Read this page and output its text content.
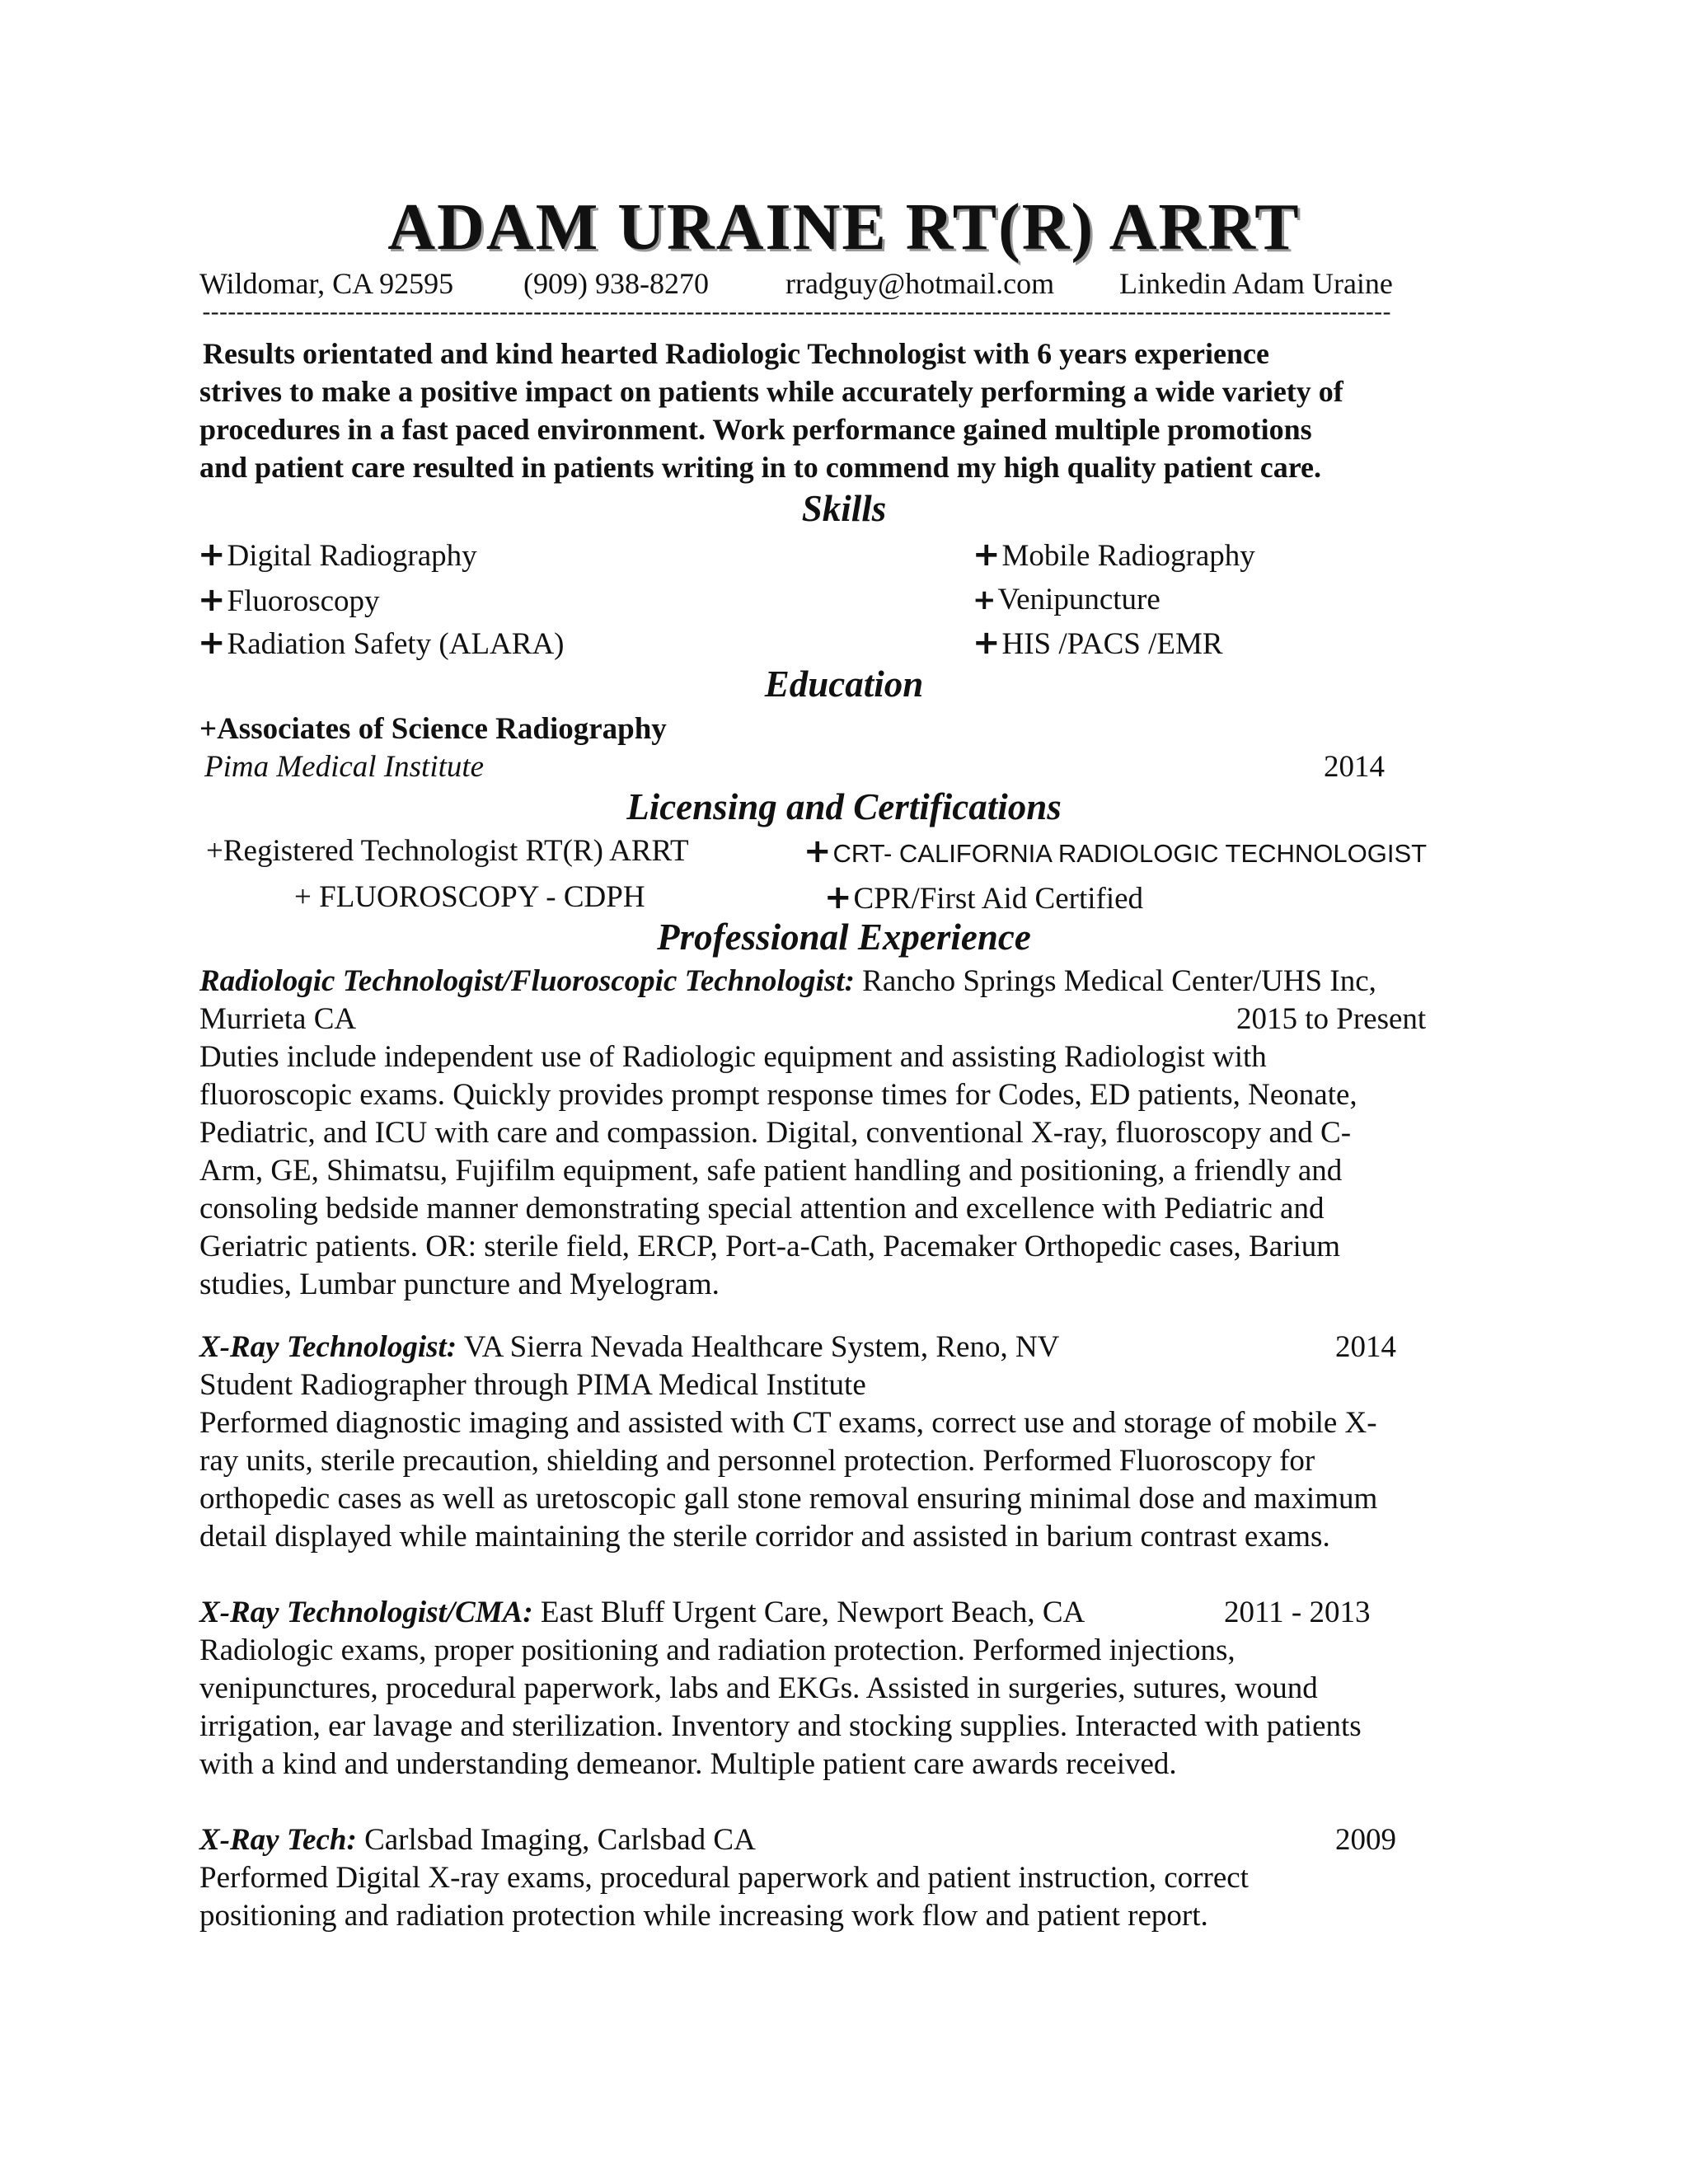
ADAM URAINE RT(R) ARRT
Wildomar, CA 92595 (909) 938-8270	rradguy@hotmail.com Linkedin Adam Uraine
--------------------------------------------------------------------------------------------------------------------------------------------
Results orientated and kind hearted Radiologic Technologist with 6 years experience
strives to make a positive impact on patients while accurately performing a wide variety of
procedures in a fast paced environment. Work performance gained multiple promotions
and patient care resulted in patients writing in to commend my high quality patient care.
Skills
+Digital Radiography	+Mobile Radiography
+Fluoroscopy	+Venipuncture
+Radiation Safety (ALARA)	+HIS /PACS /EMR
Education
+Associates of Science Radiography
Pima Medical Institute	2014
Licensing and Certifications
+Registered Technologist RT(R) ARRT	+CRT- CALIFORNIA RADIOLOGIC TECHNOLOGIST
+ FLUOROSCOPY - CDPH	+CPR/First Aid Certified
Professional Experience
Radiologic Technologist/Fluoroscopic Technologist: Rancho Springs Medical Center/UHS Inc,
Murrieta CA	2015 to Present
Duties include independent use of Radiologic equipment and assisting Radiologist with
fluoroscopic exams. Quickly provides prompt response times for Codes, ED patients, Neonate,
Pediatric, and ICU with care and compassion. Digital, conventional X-ray, fluoroscopy and C-
Arm, GE, Shimatsu, Fujifilm equipment, safe patient handling and positioning, a friendly and
consoling bedside manner demonstrating special attention and excellence with Pediatric and
Geriatric patients. OR: sterile field, ERCP, Port-a-Cath, Pacemaker Orthopedic cases, Barium
studies, Lumbar puncture and Myelogram.
X-Ray Technologist: VA Sierra Nevada Healthcare System, Reno, NV	2014
Student Radiographer through PIMA Medical Institute
Performed diagnostic imaging and assisted with CT exams, correct use and storage of mobile X-
ray units, sterile precaution, shielding and personnel protection. Performed Fluoroscopy for
orthopedic cases as well as uretoscopic gall stone removal ensuring minimal dose and maximum
detail displayed while maintaining the sterile corridor and assisted in barium contrast exams.
X-Ray Technologist/CMA: East Bluff Urgent Care, Newport Beach, CA	2011 - 2013
Radiologic exams, proper positioning and radiation protection. Performed injections,
venipunctures, procedural paperwork, labs and EKGs. Assisted in surgeries, sutures, wound
irrigation, ear lavage and sterilization. Inventory and stocking supplies. Interacted with patients
with a kind and understanding demeanor. Multiple patient care awards received.
X-Ray Tech: Carlsbad Imaging, Carlsbad CA	2009
Performed Digital X-ray exams, procedural paperwork and patient instruction, correct
positioning and radiation protection while increasing work flow and patient report.
